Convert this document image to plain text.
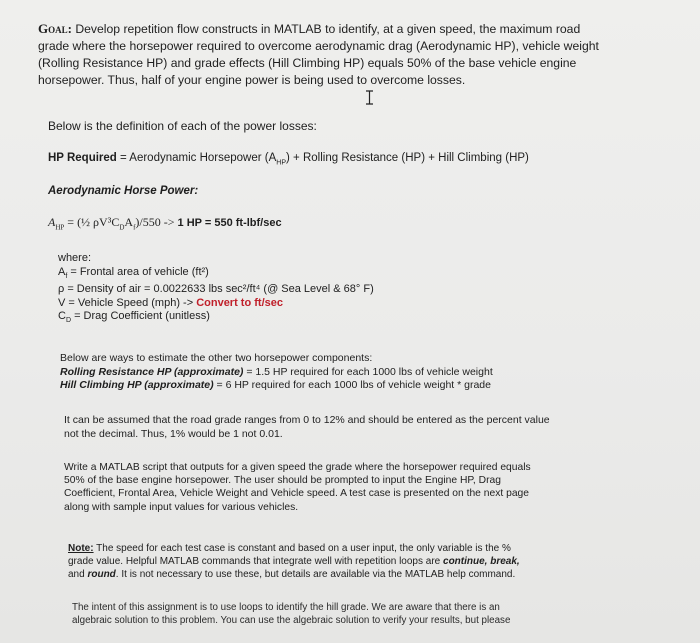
Goal: Develop repetition flow constructs in MATLAB to identify, at a given speed, the maximum road
grade where the horsepower required to overcome aerodynamic drag (Aerodynamic HP), vehicle weight
(Rolling Resistance HP) and grade effects (Hill Climbing HP) equals 50% of the base vehicle engine
horsepower. Thus, half of your engine power is being used to overcome losses.
Below is the definition of each of the power losses:
HP Required = Aerodynamic Horsepower $(A_{HP})$ + Rolling Resistance (HP) + Hill Climbing (HP)
Aerodynamic Horse Power:
$A_{HP}$ = (½ $\rho V^3C_DA_f)/550 -> 1$ HP = 550 ft-lbf/sec
where:
$A_f$ = Frontal area of vehicle (ft²)
ρ = Density of air = 0.0022633 lbs sec²/ft⁴ (@ Sea Level & 68° F)
V = Vehicle Speed (mph) -> Convert to ft/sec
$C_D$ = Drag Coefficient (unitless)
Below are ways to estimate the other two horsepower components:
Rolling Resistance HP (approximate) = 1.5 HP required for each 1000 lbs of vehicle weight
Hill Climbing HP (approximate) = 6 HP required for each 1000 lbs of vehicle weight * grade
It can be assumed that the road grade ranges from 0 to 12% and should be entered as the percent value
not the decimal. Thus, 1% would be 1 not 0.01.
Write a MATLAB script that outputs for a given speed the grade where the horsepower required equals
50% of the base engine horsepower. The user should be prompted to input the Engine HP, Drag
Coefficient, Frontal Area, Vehicle Weight and Vehicle speed. A test case is presented on the next page
along with sample input values for various vehicles.
Note: The speed for each test case is constant and based on a user input, the only variable is the %
grade value. Helpful MATLAB commands that integrate well with repetition loops are continue, break,
and round. It is not necessary to use these, but details are available via the MATLAB help command.
The intent of this assignment is to use loops to identify the hill grade. We are aware that there is an
algebraic solution to this problem. You can use the algebraic solution to verify your results, but please
